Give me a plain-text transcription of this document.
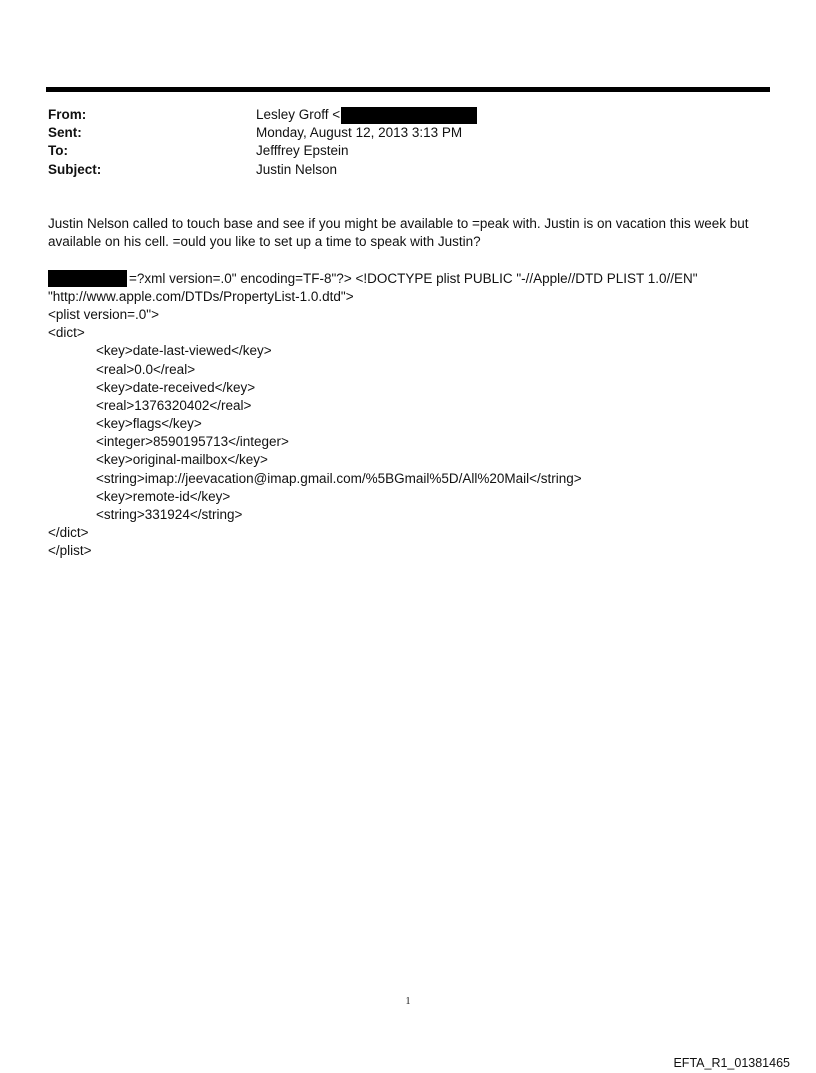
From:	Lesley Groff <
Sent:	Monday, August 12, 2013 3:13 PM
To:	Jefffrey Epstein
Subject:	Justin Nelson
Justin Nelson called to touch base and see if you might be available to =peak with. Justin is on vacation this week but
available on his cell. =ould you like to set up a time to speak with Justin?
=?xml version=.0" encoding=TF-8"?> <!DOCTYPE plist PUBLIC "-//Apple//DTD PLIST 1.0//EN"
"http://www.apple.com/DTDs/PropertyList-1.0.dtd">
<plist version=.0">
<dict>
<key>date-last-viewed</key>
<real>0.0</real>
<key>date-received</key>
<real>1376320402</real>
<key>flags</key>
<integer>8590195713</integer>
<key>original-mailbox</key>
<string>imap://jeevacation@imap.gmail.com/%5BGmail%5D/All%20Mail</string>
<key>remote-id</key>
<string>331924</string>
</dict>
</plist>
1
EFTA_R1_01381465
